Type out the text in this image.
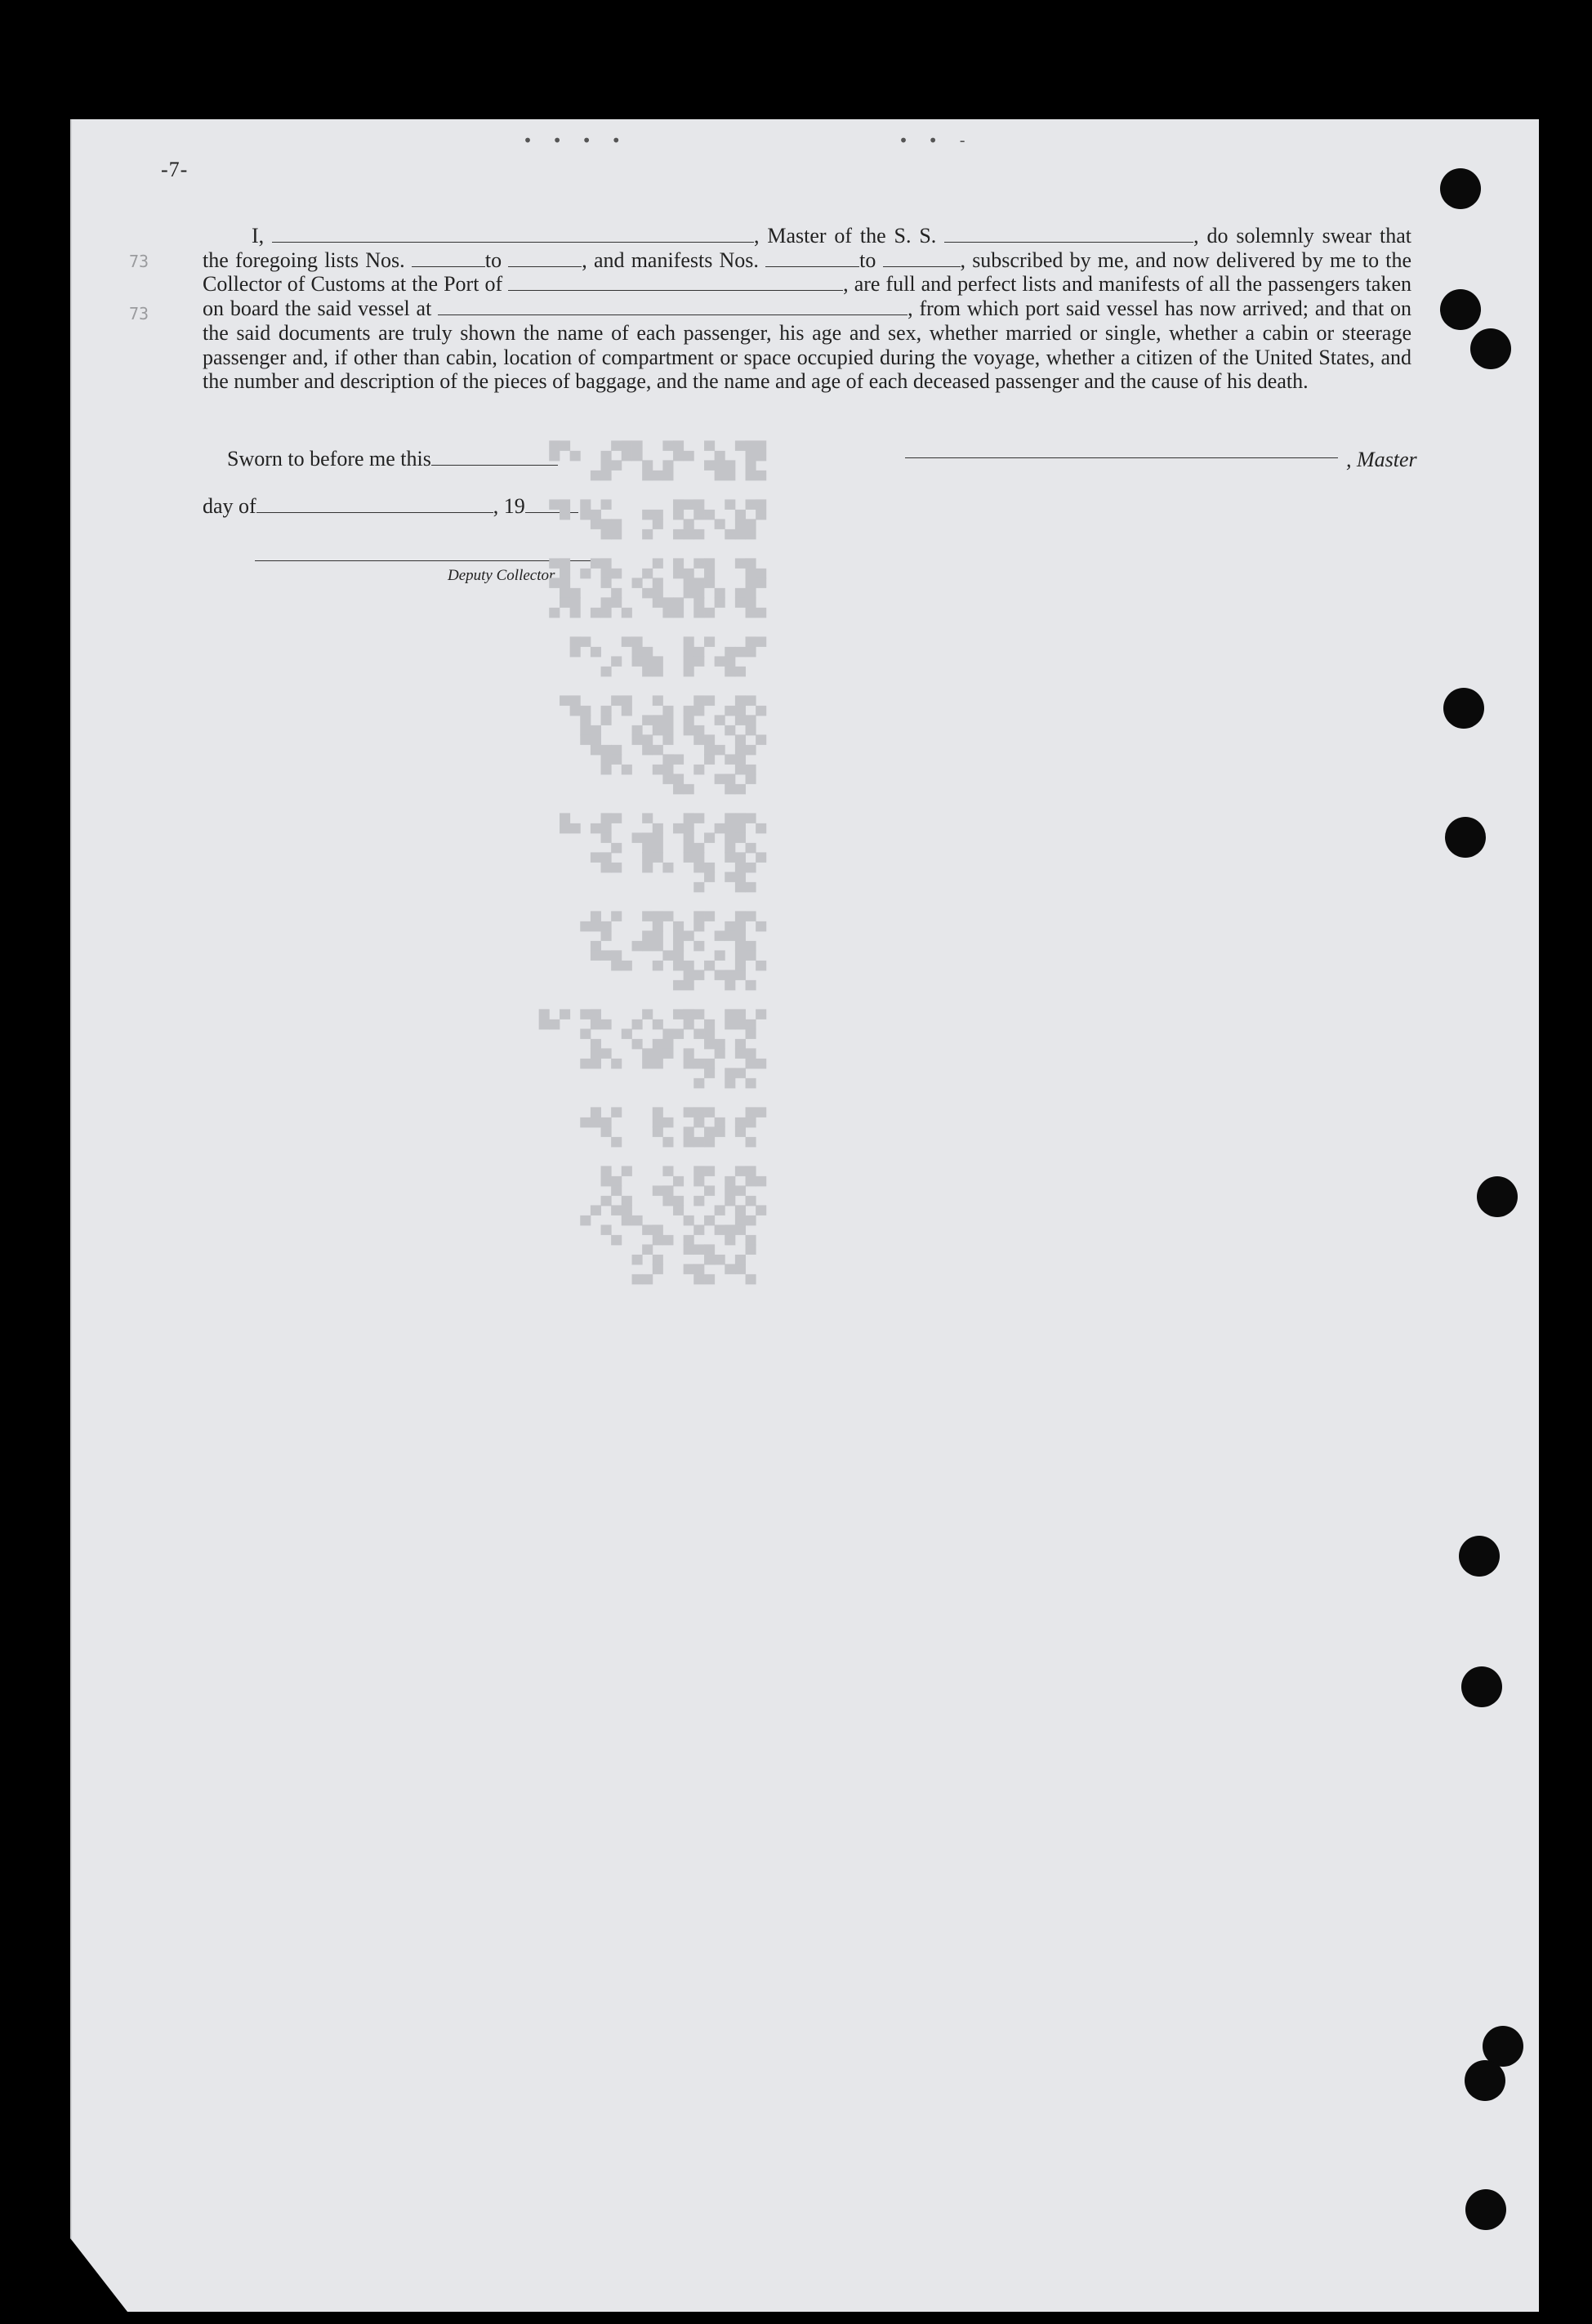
• • • •	• • -
-7-
73
73

I,	, Master of the S. S.	, do solemnly swear that the foregoing lists Nos.	to	, and manifests Nos.	to	, subscribed by me, and now delivered by me to the Collector of Customs at the Port of	, are full and perfect lists and manifests of all the passengers taken on board the said vessel at	, from which port said vessel has now arrived; and that on the said documents are truly shown the name of each passenger, his age and sex, whether married or single, whether a cabin or steerage passenger and, if other than cabin, location of compartment or space occupied during the voyage, whether a citizen of the United States, and the number and description of the pieces of baggage, and the name and age of each deceased passenger and the cause of his death.

Sworn to before me this
day of	, 19
, Master
Deputy Collector.
██▀ ▄▀ ▄█▀  ██▀▄  ▄▀█
▄█ ██▀   █▄█  ▀█▄

█▀▄▀ ▄█▀█ ▄▄   ▀▄█ █▀
██▄▀ ▄█▄ ▀▄  ██▀

▄█▀  █▀▄█ ▀▄  ▄█▀▄ █▀
▀█▄ ▄▀██  █▄▀ ▄▀  ▄█▀
▄█▀ ▀▄█ ██▀  ▄▀█▄ █▀▄

▀█▄▄ ▀▄█   ▄█▀  ▄▀█
▄█▀ ▀█  ██▀ ▀▄

▄▀█▄ ▀█▄ ▄▀  █▀▄ ▄█▀
█▀▄▀ ▄█ ██▀▄  ▀▄█
▀▄█ ▄█▀  ▀▄█▀ ▄▄█▀
▄█▀ ▀▄ ▀█▄  ▄▀█
▀▄█▀  ▄█▀

▄▀██▄ ▀█▄ ▄▀  ▀█▄ ▄█
▄▀█ ▀▄█  ██▀ ▄▀
▀▄█▀ ▄█▀ ▄▀█  ▄█▀
▄█▀ ▀▄

▄▀█▄ ▀█ ▄▀█▀  ▀▄█▄
▄█▀▀ ▄▀█ ██▄  ▀▄
▄▀█ ▀▄ ▄█▀▄  ▄█▀▀
▄▀█▀ ▀█▄

▀▄██ ▄▀█▀ ▄▀▄  ▄█▀ ▀▄█
▀▄ ▄█▀ ▀█▄ ▄▀  ▄▀
▄█▀ ▀▄▄█ ▀██  ▄▀█▄
▄▀█ ▀▄

▀█▄ ▄▀█▀ ▄█   ▀▄█▄
▄▀ ▀█▄█ ▄▀   ▄▀

▄█▀▄ ▀█ ▄▀   ▀▄█
▄▀█ ▀▄ ▄█▀  ▄▀▄
▀▄█ ▀▄ ▄▀   ▄█▀ ▀▄
▄▀█▀ ▀▄ ▄█▀  ▄▀
▀▄ ▄█▀▀  ▄▀▄
▄▀▀ ▄█▀  ▀▄▄
